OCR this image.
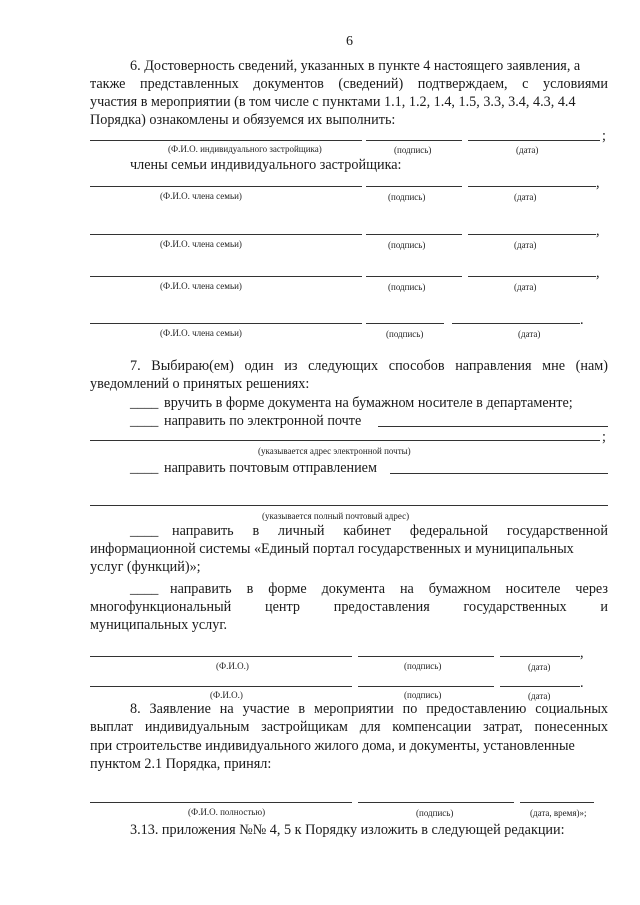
6
6. Достоверность сведений, указанных в пункте 4 настоящего заявления, а
также представленных документов (сведений) подтверждаем, с условиями
участия в мероприятии (в том числе с пунктами 1.1, 1.2, 1.4, 1.5, 3.3, 3.4, 4.3, 4.4
Порядка) ознакомлены и обязуемся их выполнить:
;
(Ф.И.О. индивидуального застройщика)	(подпись)	(дата)
члены семьи индивидуального застройщика:
,
(Ф.И.О. члена семьи)	(подпись)	(дата)
,
(Ф.И.О. члена семьи)	(подпись)	(дата)
,
(Ф.И.О. члена семьи)	(подпись)	(дата)
.
(Ф.И.О. члена семьи)	(подпись)	(дата)
7. Выбираю(ем) один из следующих способов направления мне (нам)
уведомлений о принятых решениях:
____ вручить в форме документа на бумажном носителе в департаменте;
____ направить по электронной почте
;
(указывается адрес электронной почты)
____ направить почтовым отправлением
(указывается полный почтовый адрес)
____ направить в личный кабинет федеральной государственной
информационной системы «Единый портал государственных и муниципальных
услуг (функций)»;
____ направить в форме документа на бумажном носителе через
многофункциональный центр предоставления государственных и
муниципальных услуг.
,
(Ф.И.О.)	(подпись)	(дата)
.
(Ф.И.О.)	(подпись)	(дата)
8. Заявление на участие в мероприятии по предоставлению социальных
выплат индивидуальным застройщикам для компенсации затрат, понесенных
при строительстве индивидуального жилого дома, и документы, установленные
пунктом 2.1 Порядка, принял:
(Ф.И.О. полностью)	(подпись)	(дата, время)»;
3.13. приложения №№ 4, 5 к Порядку изложить в следующей редакции:
